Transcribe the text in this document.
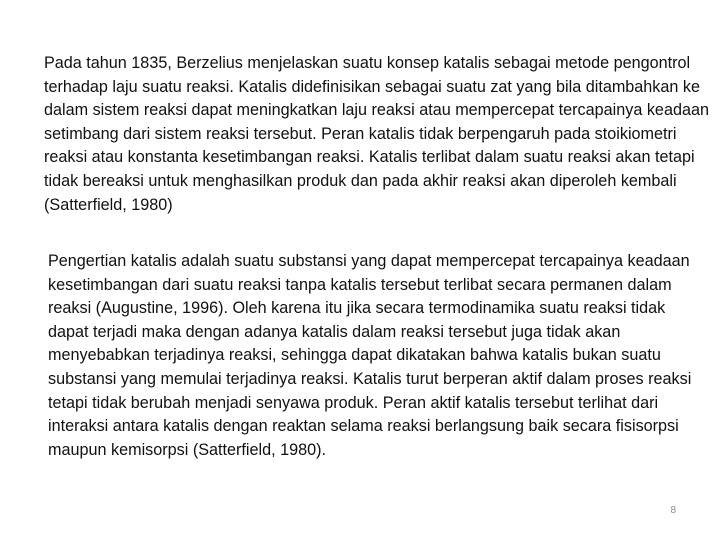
Pada tahun 1835, Berzelius menjelaskan suatu konsep katalis sebagai metode pengontrol terhadap laju suatu reaksi. Katalis didefinisikan sebagai suatu zat yang bila ditambahkan ke dalam sistem reaksi dapat meningkatkan laju reaksi atau mempercepat tercapainya keadaan setimbang dari sistem reaksi tersebut. Peran katalis tidak berpengaruh pada stoikiometri reaksi atau konstanta kesetimbangan reaksi. Katalis terlibat dalam suatu reaksi akan tetapi tidak bereaksi untuk menghasilkan produk dan pada akhir reaksi akan diperoleh kembali (Satterfield, 1980)

Pengertian katalis adalah suatu substansi yang dapat mempercepat tercapainya keadaan kesetimbangan dari suatu reaksi tanpa katalis tersebut terlibat secara permanen dalam reaksi (Augustine, 1996). Oleh karena itu jika secara termodinamika suatu reaksi tidak dapat terjadi maka dengan adanya katalis dalam reaksi tersebut juga tidak akan menyebabkan terjadinya reaksi, sehingga dapat dikatakan bahwa katalis bukan suatu substansi yang memulai terjadinya reaksi. Katalis turut berperan aktif dalam proses reaksi tetapi tidak berubah menjadi senyawa produk. Peran aktif katalis tersebut terlihat dari interaksi antara katalis dengan reaktan selama reaksi berlangsung baik secara fisisorpsi maupun kemisorpsi (Satterfield, 1980).

8
